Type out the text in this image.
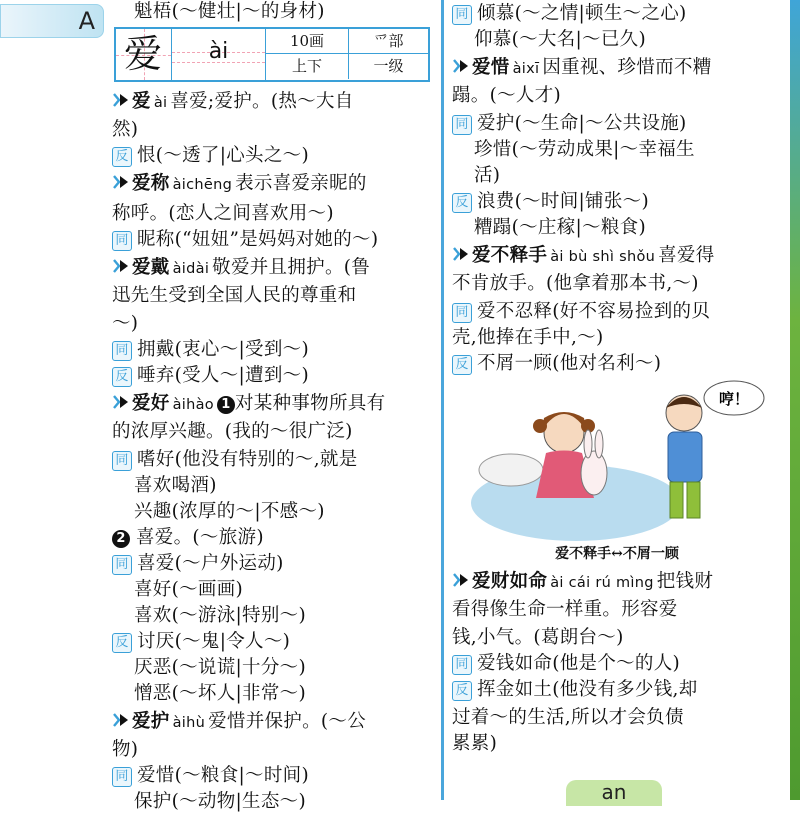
A
爱	ài	10画	爫部
上下	一级
魁梧(～健壮|～的身材)
爱 ài 喜爱;爱护。(热～大自
然)
反 恨(～透了|心头之～)
爱称 àichēng 表示喜爱亲昵的
称呼。(恋人之间喜欢用～)
同 昵称(“妞妞”是妈妈对她的～)
爱戴 àidài 敬爱并且拥护。(鲁
迅先生受到全国人民的尊重和
～)
同 拥戴(衷心～|受到～)
反 唾弃(受人～|遭到～)
爱好 àihào 1 对某种事物所具有
的浓厚兴趣。(我的～很广泛)
同 嗜好(他没有特别的～,就是
喜欢喝酒)
兴趣(浓厚的～|不感～)
2 喜爱。(～旅游)
同 喜爱(～户外运动)
喜好(～画画)
喜欢(～游泳|特别～)
反 讨厌(～鬼|令人～)
厌恶(～说谎|十分～)
憎恶(～坏人|非常～)
爱护 àihù 爱惜并保护。(～公
物)
同 爱惜(～粮食|～时间)
保护(～动物|生态～)
同 倾慕(～之情|顿生～之心)
仰慕(～大名|～已久)
爱惜 àixī 因重视、珍惜而不糟
蹋。(～人才)
同 爱护(～生命|～公共设施)
珍惜(～劳动成果|～幸福生
活)
反 浪费(～时间|铺张～)
糟蹋(～庄稼|～粮食)
爱不释手 ài bù shì shǒu 喜爱得
不肯放手。(他拿着那本书,～)
同 爱不忍释(好不容易捡到的贝
壳,他捧在手中,～)
反 不屑一顾(他对名利～)
爱财如命 ài cái rú mìng 把钱财
看得像生命一样重。形容爱
钱,小气。(葛朗台～)
同 爱钱如命(他是个～的人)
反 挥金如土(他没有多少钱,却
过着～的生活,所以才会负债
累累)
哼！
爱不释手↔不屑一顾
an
